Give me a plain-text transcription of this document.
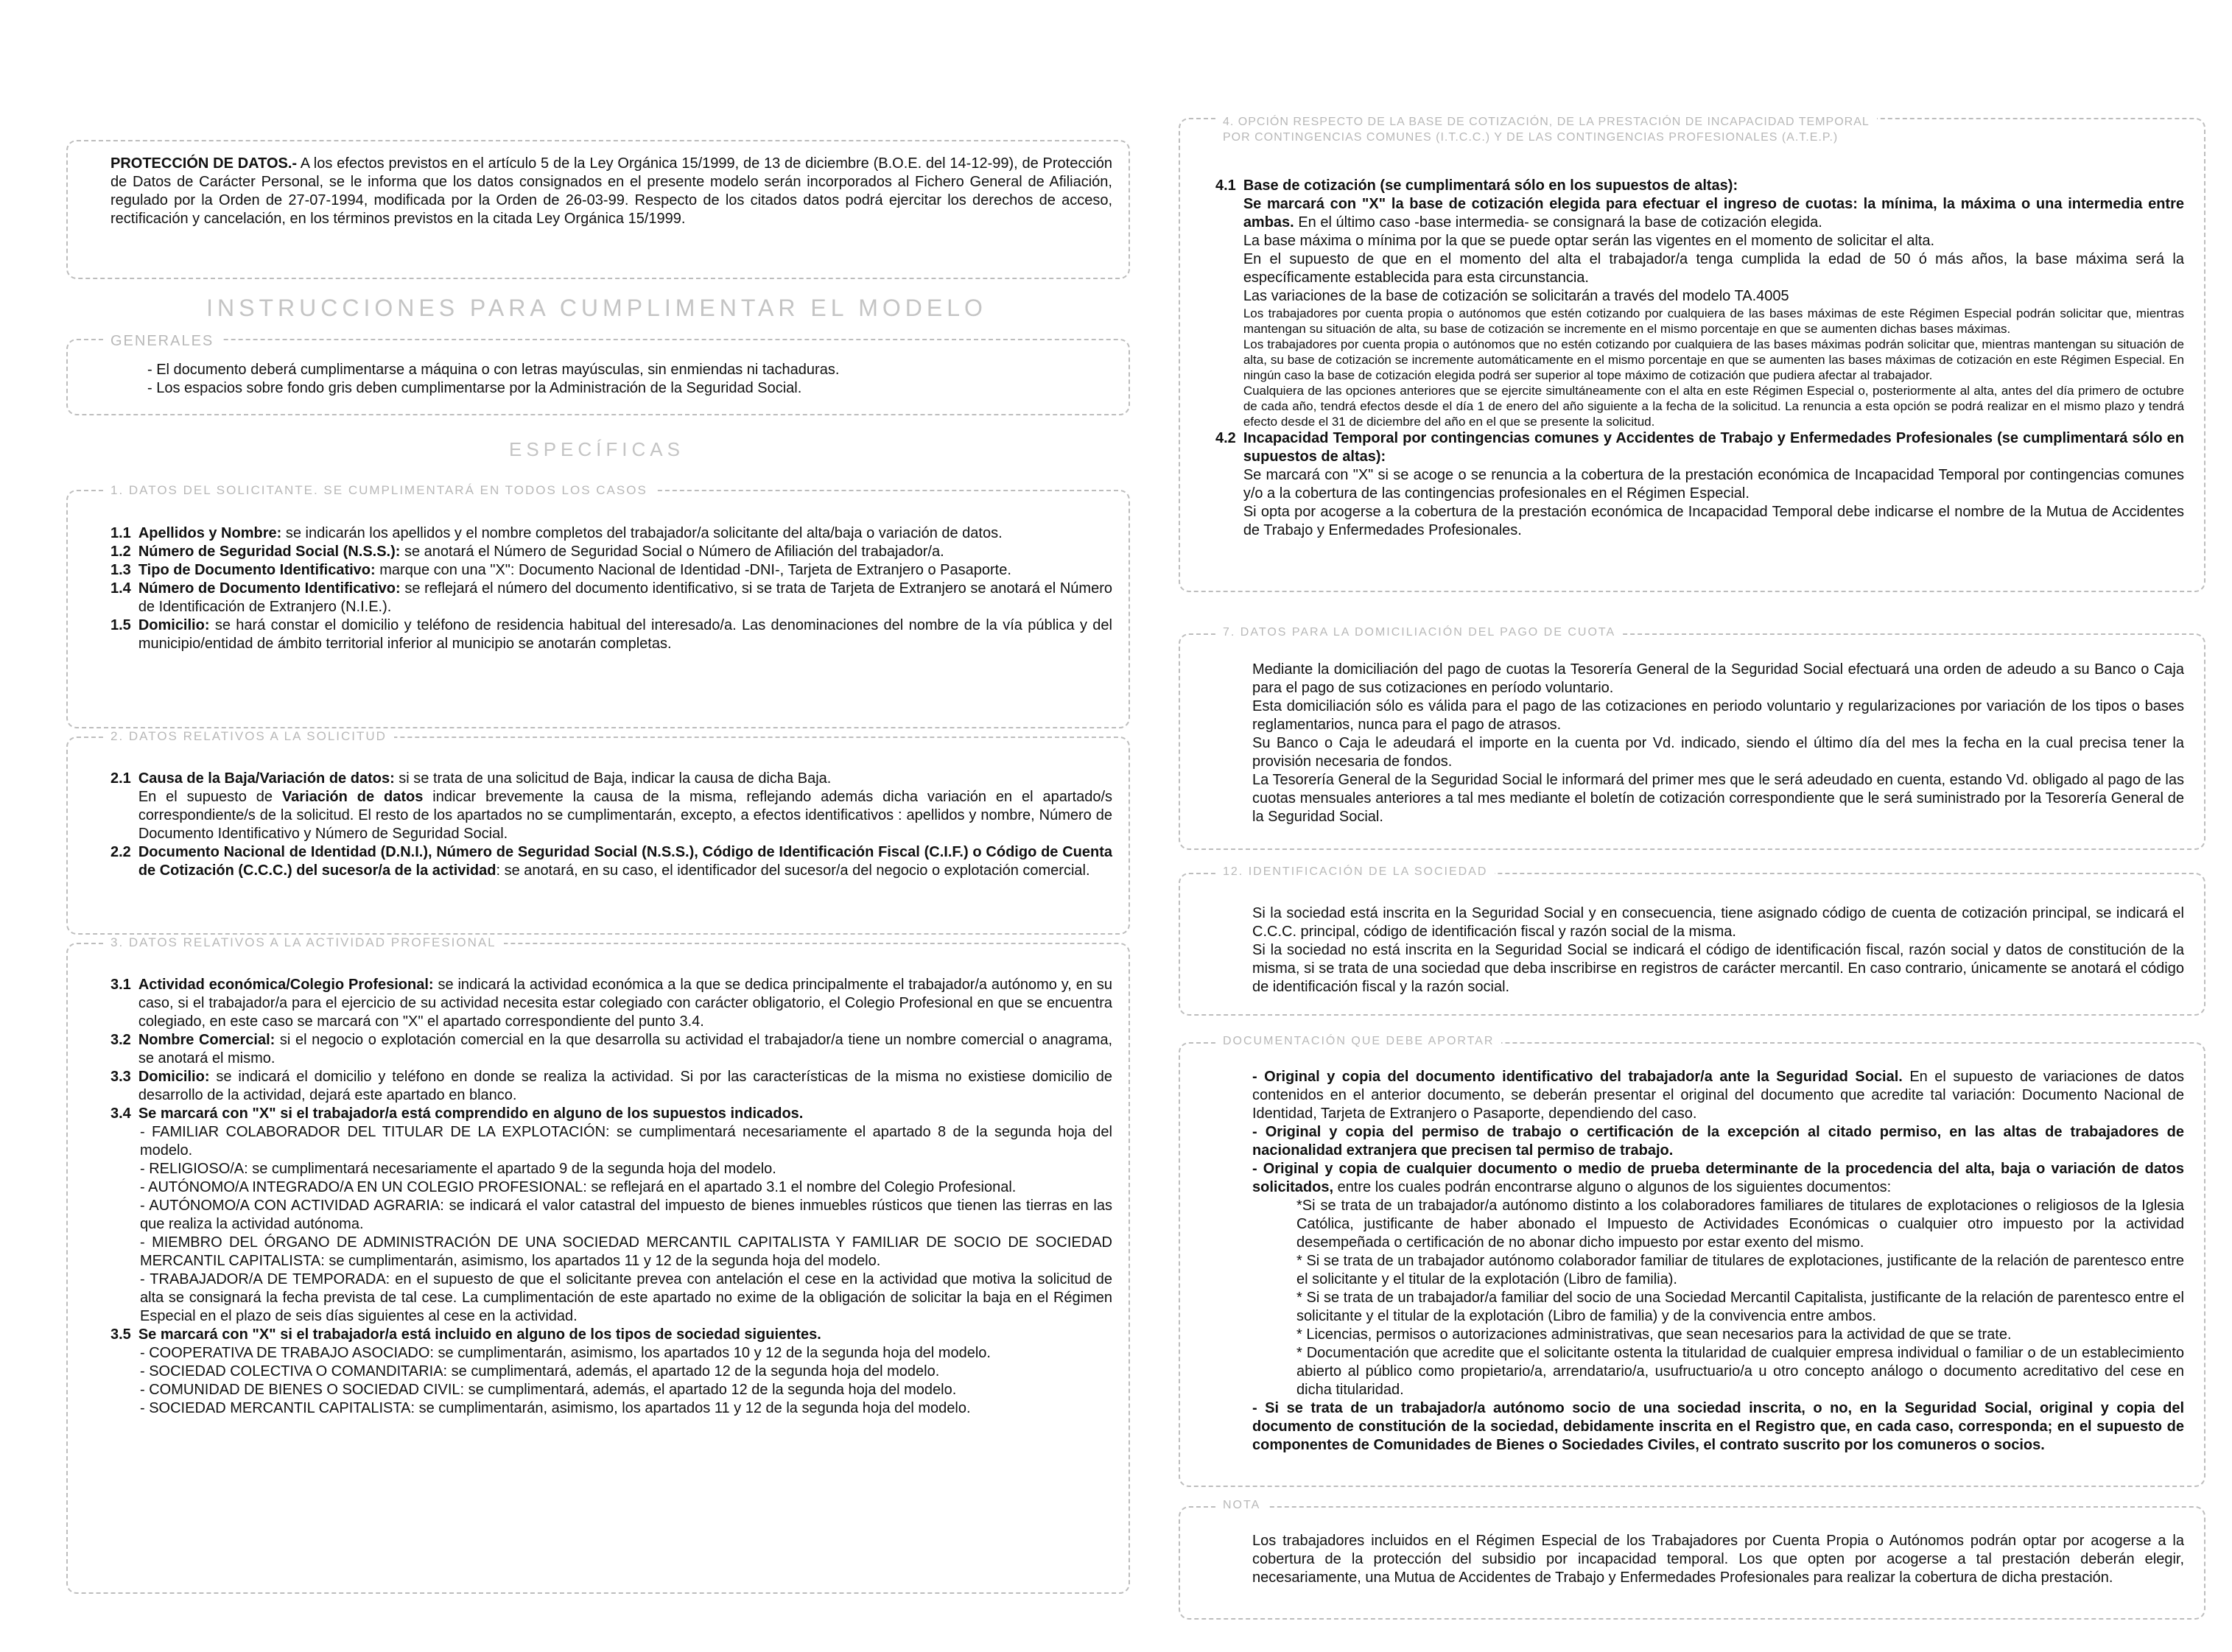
PROTECCIÓN DE DATOS.- A los efectos previstos en el artículo 5 de la Ley Orgánica 15/1999, de 13 de diciembre (B.O.E. del 14-12-99), de Protección de Datos de Carácter Personal, se le informa que los datos consignados en el presente modelo serán incorporados al Fichero General de Afiliación, regulado por la Orden de 27-07-1994, modificada por la Orden de 26-03-99. Respecto de los citados datos podrá ejercitar los derechos de acceso, rectificación y cancelación, en los términos previstos en la citada Ley Orgánica 15/1999.

INSTRUCCIONES PARA CUMPLIMENTAR EL MODELO
GENERALES

- El documento deberá cumplimentarse a máquina o con letras mayúsculas, sin enmiendas ni tachaduras.

- Los espacios sobre fondo gris deben cumplimentarse por la Administración de la Seguridad Social.

ESPECÍFICAS
1. DATOS DEL SOLICITANTE. SE CUMPLIMENTARÁ EN TODOS LOS CASOS
1.1 Apellidos y Nombre: se indicarán los apellidos y el nombre completos del trabajador/a solicitante del alta/baja o variación de datos.
1.2 Número de Seguridad Social (N.S.S.): se anotará el Número de Seguridad Social o Número de Afiliación del trabajador/a.
1.3 Tipo de Documento Identificativo: marque con una "X": Documento Nacional de Identidad -DNI-, Tarjeta de Extranjero o Pasaporte.
1.4 Número de Documento Identificativo: se reflejará el número del documento identificativo, si se trata de Tarjeta de Extranjero se anotará el Número de Identificación de Extranjero (N.I.E.).
1.5 Domicilio: se hará constar el domicilio y teléfono de residencia habitual del interesado/a. Las denominaciones del nombre de la vía pública y del municipio/entidad de ámbito territorial inferior al municipio se anotarán completas.
2. DATOS RELATIVOS A LA SOLICITUD
2.1 Causa de la Baja/Variación de datos: si se trata de una solicitud de Baja, indicar la causa de dicha Baja.
En el supuesto de Variación de datos indicar brevemente la causa de la misma, reflejando además dicha variación en el apartado/s correspondiente/s de la solicitud. El resto de los apartados no se cumplimentarán, excepto, a efectos identificativos : apellidos y nombre, Número de Documento Identificativo y Número de Seguridad Social.
2.2 Documento Nacional de Identidad (D.N.I.), Número de Seguridad Social (N.S.S.), Código de Identificación Fiscal (C.I.F.) o Código de Cuenta de Cotización (C.C.C.) del sucesor/a de la actividad: se anotará, en su caso, el identificador del sucesor/a del negocio o explotación comercial.
3. DATOS RELATIVOS A LA ACTIVIDAD PROFESIONAL
3.1 Actividad económica/Colegio Profesional: se indicará la actividad económica a la que se dedica principalmente el trabajador/a autónomo y, en su caso, si el trabajador/a para el ejercicio de su actividad necesita estar colegiado con carácter obligatorio, el Colegio Profesional en que se encuentra colegiado, en este caso se marcará con "X" el apartado correspondiente del punto 3.4.
3.2 Nombre Comercial: si el negocio o explotación comercial en la que desarrolla su actividad el trabajador/a tiene un nombre comercial o anagrama, se anotará el mismo.
3.3 Domicilio: se indicará el domicilio y teléfono en donde se realiza la actividad. Si por las características de la misma no existiese domicilio de desarrollo de la actividad, dejará este apartado en blanco.
3.4 Se marcará con "X" si el trabajador/a está comprendido en alguno de los supuestos indicados.

- FAMILIAR COLABORADOR DEL TITULAR DE LA EXPLOTACIÓN: se cumplimentará necesariamente el apartado 8 de la segunda hoja del modelo.

- RELIGIOSO/A: se cumplimentará necesariamente el apartado 9 de la segunda hoja del modelo.

- AUTÓNOMO/A INTEGRADO/A EN UN COLEGIO PROFESIONAL: se reflejará en el apartado 3.1 el nombre del Colegio Profesional.

- AUTÓNOMO/A CON ACTIVIDAD AGRARIA: se indicará el valor catastral del impuesto de bienes inmuebles rústicos que tienen las tierras en las que realiza la actividad autónoma.

- MIEMBRO DEL ÓRGANO DE ADMINISTRACIÓN DE UNA SOCIEDAD MERCANTIL CAPITALISTA Y FAMILIAR DE SOCIO DE SOCIEDAD MERCANTIL CAPITALISTA: se cumplimentarán, asimismo, los apartados 11 y 12 de la segunda hoja del modelo.

- TRABAJADOR/A DE TEMPORADA: en el supuesto de que el solicitante prevea con antelación el cese en la actividad que motiva la solicitud de alta se consignará la fecha prevista de tal cese. La cumplimentación de este apartado no exime de la obligación de solicitar la baja en el Régimen Especial en el plazo de seis días siguientes al cese en la actividad.

3.5 Se marcará con "X" si el trabajador/a está incluido en alguno de los tipos de sociedad siguientes.

- COOPERATIVA DE TRABAJO ASOCIADO: se cumplimentarán, asimismo, los apartados 10 y 12 de la segunda hoja del modelo.

- SOCIEDAD COLECTIVA O COMANDITARIA: se cumplimentará, además, el apartado 12 de la segunda hoja del modelo.

- COMUNIDAD DE BIENES O SOCIEDAD CIVIL: se cumplimentará, además, el apartado 12 de la segunda hoja del modelo.

- SOCIEDAD MERCANTIL CAPITALISTA: se cumplimentarán, asimismo, los apartados 11 y 12 de la segunda hoja del modelo.

4. OPCIÓN RESPECTO DE LA BASE DE COTIZACIÓN, DE LA PRESTACIÓN DE INCAPACIDAD TEMPORAL
POR CONTINGENCIAS COMUNES (I.T.C.C.) Y DE LAS CONTINGENCIAS PROFESIONALES (A.T.E.P.)
4.1 Base de cotización (se cumplimentará sólo en los supuestos de altas):
Se marcará con "X" la base de cotización elegida para efectuar el ingreso de cuotas: la mínima, la máxima o una intermedia entre ambas. En el último caso -base intermedia- se consignará la base de cotización elegida.
La base máxima o mínima por la que se puede optar serán las vigentes en el momento de solicitar el alta.
En el supuesto de que en el momento del alta el trabajador/a tenga cumplida la edad de 50 ó más años, la base máxima será la específicamente establecida para esta circunstancia.
Las variaciones de la base de cotización se solicitarán a través del modelo TA.4005

Los trabajadores por cuenta propia o autónomos que estén cotizando por cualquiera de las bases máximas de este Régimen Especial podrán solicitar que, mientras mantengan su situación de alta, su base de cotización se incremente en el mismo porcentaje en que se aumenten dichas bases máximas.

Los trabajadores por cuenta propia o autónomos que no estén cotizando por cualquiera de las bases máximas podrán solicitar que, mientras mantengan su situación de alta, su base de cotización se incremente automáticamente en el mismo porcentaje en que se aumenten las bases máximas de cotización en este Régimen Especial. En ningún caso la base de cotización elegida podrá ser superior al tope máximo de cotización que pudiera afectar al trabajador.

Cualquiera de las opciones anteriores que se ejercite simultáneamente con el alta en este Régimen Especial o, posteriormente al alta, antes del día primero de octubre de cada año, tendrá efectos desde el día 1 de enero del año siguiente a la fecha de la solicitud. La renuncia a esta opción se podrá realizar en el mismo plazo y tendrá efecto desde el 31 de diciembre del año en el que se presente la solicitud.

4.2 Incapacidad Temporal por contingencias comunes y Accidentes de Trabajo y Enfermedades Profesionales (se cumplimentará sólo en supuestos de altas):
Se marcará con "X" si se acoge o se renuncia a la cobertura de la prestación económica de Incapacidad Temporal por contingencias comunes y/o a la cobertura de las contingencias profesionales en el Régimen Especial.
Si opta por acogerse a la cobertura de la prestación económica de Incapacidad Temporal debe indicarse el nombre de la Mutua de Accidentes de Trabajo y Enfermedades Profesionales.
7. DATOS PARA LA DOMICILIACIÓN DEL PAGO DE CUOTA

Mediante la domiciliación del pago de cuotas la Tesorería General de la Seguridad Social efectuará una orden de adeudo a su Banco o Caja para el pago de sus cotizaciones en período voluntario.

Esta domiciliación sólo es válida para el pago de las cotizaciones en periodo voluntario y regularizaciones por variación de los tipos o bases reglamentarios, nunca para el pago de atrasos.

Su Banco o Caja le adeudará el importe en la cuenta por Vd. indicado, siendo el último día del mes la fecha en la cual precisa tener la provisión necesaria de fondos.

La Tesorería General de la Seguridad Social le informará del primer mes que le será adeudado en cuenta, estando Vd. obligado al pago de las cuotas mensuales anteriores a tal mes mediante el boletín de cotización correspondiente que le será suministrado por la Tesorería General de la Seguridad Social.

12. IDENTIFICACIÓN DE LA SOCIEDAD

Si la sociedad está inscrita en la Seguridad Social y en consecuencia, tiene asignado código de cuenta de cotización principal, se indicará el C.C.C. principal, código de identificación fiscal y razón social de la misma.

Si la sociedad no está inscrita en la Seguridad Social se indicará el código de identificación fiscal, razón social y datos de constitución de la misma, si se trata de una sociedad que deba inscribirse en registros de carácter mercantil. En caso contrario, únicamente se anotará el código de identificación fiscal y la razón social.

DOCUMENTACIÓN QUE DEBE APORTAR

- Original y copia del documento identificativo del trabajador/a ante la Seguridad Social. En el supuesto de variaciones de datos contenidos en el anterior documento, se deberán presentar el original del documento que acredite tal variación: Documento Nacional de Identidad, Tarjeta de Extranjero o Pasaporte, dependiendo del caso.

- Original y copia del permiso de trabajo o certificación de la excepción al citado permiso, en las altas de trabajadores de nacionalidad extranjera que precisen tal permiso de trabajo.

- Original y copia de cualquier documento o medio de prueba determinante de la procedencia del alta, baja o variación de datos solicitados, entre los cuales podrán encontrarse alguno o algunos de los siguientes documentos:

*Si se trata de un trabajador/a autónomo distinto a los colaboradores familiares de titulares de explotaciones o religiosos de la Iglesia Católica, justificante de haber abonado el Impuesto de Actividades Económicas o cualquier otro impuesto por la actividad desempeñada o certificación de no abonar dicho impuesto por estar exento del mismo.

* Si se trata de un trabajador autónomo colaborador familiar de titulares de explotaciones, justificante de la relación de parentesco entre el solicitante y el titular de la explotación (Libro de familia).

* Si se trata de un trabajador/a familiar del socio de una Sociedad Mercantil Capitalista, justificante de la relación de parentesco entre el solicitante y el titular de la explotación (Libro de familia) y de la convivencia entre ambos.

* Licencias, permisos o autorizaciones administrativas, que sean necesarios para la actividad de que se trate.

* Documentación que acredite que el solicitante ostenta la titularidad de cualquier empresa individual o familiar o de un establecimiento abierto al público como propietario/a, arrendatario/a, usufructuario/a u otro concepto análogo o documento acreditativo del cese en dicha titularidad.

- Si se trata de un trabajador/a autónomo socio de una sociedad inscrita, o no, en la Seguridad Social, original y copia del documento de constitución de la sociedad, debidamente inscrita en el Registro que, en cada caso, corresponda; en el supuesto de componentes de Comunidades de Bienes o Sociedades Civiles, el contrato suscrito por los comuneros o socios.

NOTA

Los trabajadores incluidos en el Régimen Especial de los Trabajadores por Cuenta Propia o Autónomos podrán optar por acogerse a la cobertura de la protección del subsidio por incapacidad temporal. Los que opten por acogerse a tal prestación deberán elegir, necesariamente, una Mutua de Accidentes de Trabajo y Enfermedades Profesionales para realizar la cobertura de dicha prestación.
